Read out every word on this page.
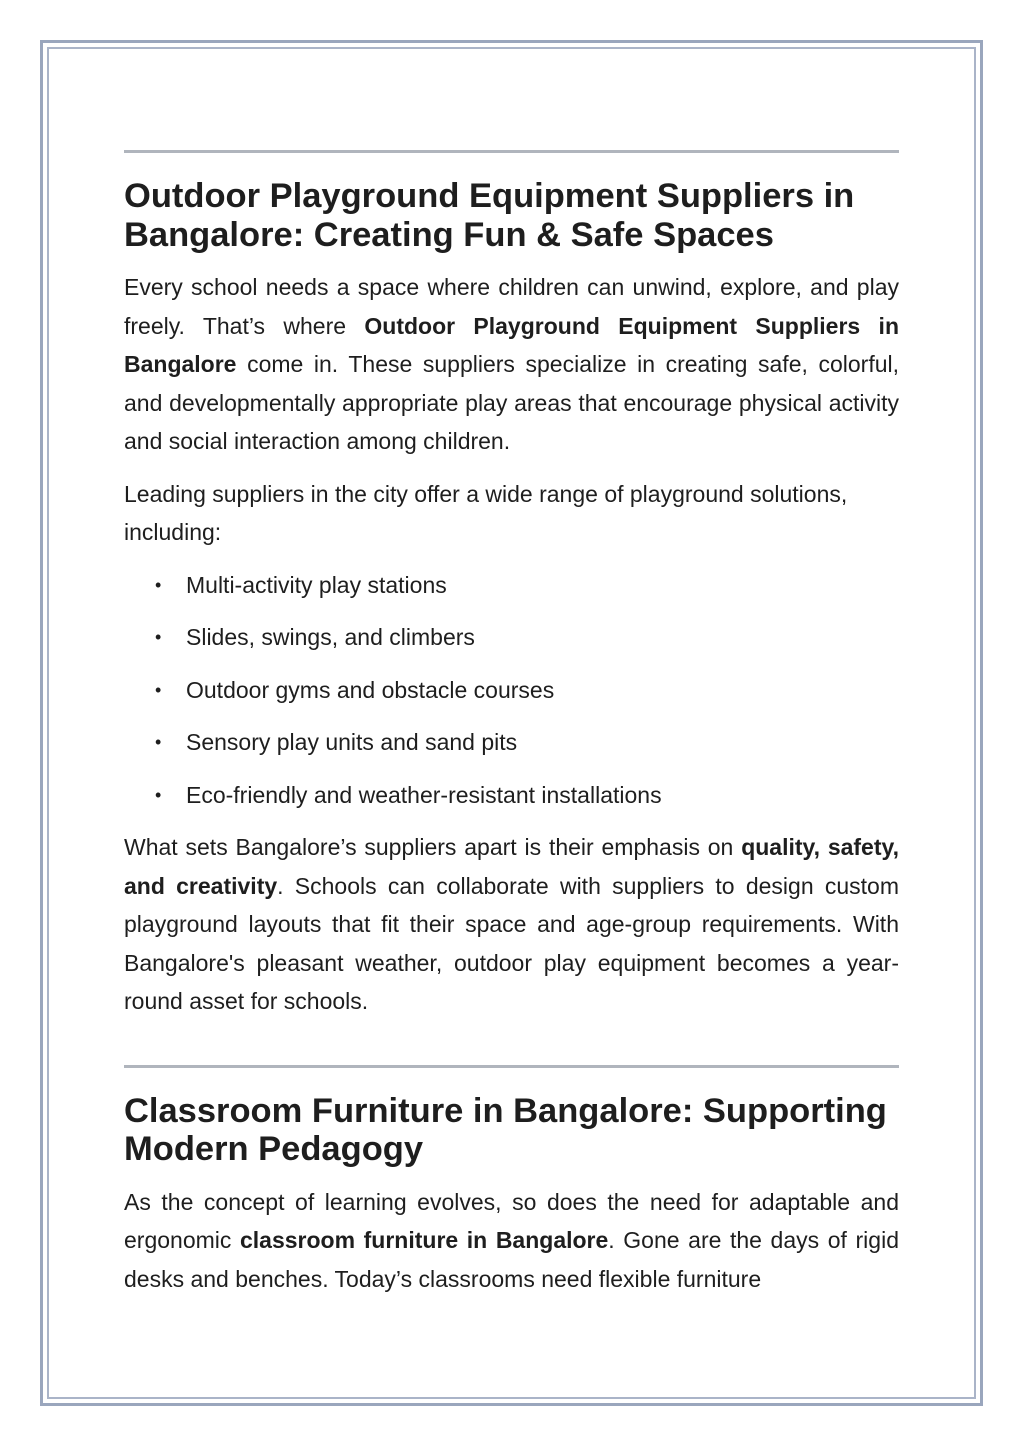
Outdoor Playground Equipment Suppliers in Bangalore: Creating Fun & Safe Spaces

Every school needs a space where children can unwind, explore, and play freely. That’s where Outdoor Playground Equipment Suppliers in Bangalore come in. These suppliers specialize in creating safe, colorful, and developmentally appropriate play areas that encourage physical activity and social interaction among children.

Leading suppliers in the city offer a wide range of playground solutions, including:

• Multi-activity play stations
• Slides, swings, and climbers
• Outdoor gyms and obstacle courses
• Sensory play units and sand pits
• Eco-friendly and weather-resistant installations

What sets Bangalore’s suppliers apart is their emphasis on quality, safety, and creativity. Schools can collaborate with suppliers to design custom playground layouts that fit their space and age-group requirements. With Bangalore's pleasant weather, outdoor play equipment becomes a year-round asset for schools.

Classroom Furniture in Bangalore: Supporting Modern Pedagogy

As the concept of learning evolves, so does the need for adaptable and ergonomic classroom furniture in Bangalore. Gone are the days of rigid desks and benches. Today’s classrooms need flexible furniture
